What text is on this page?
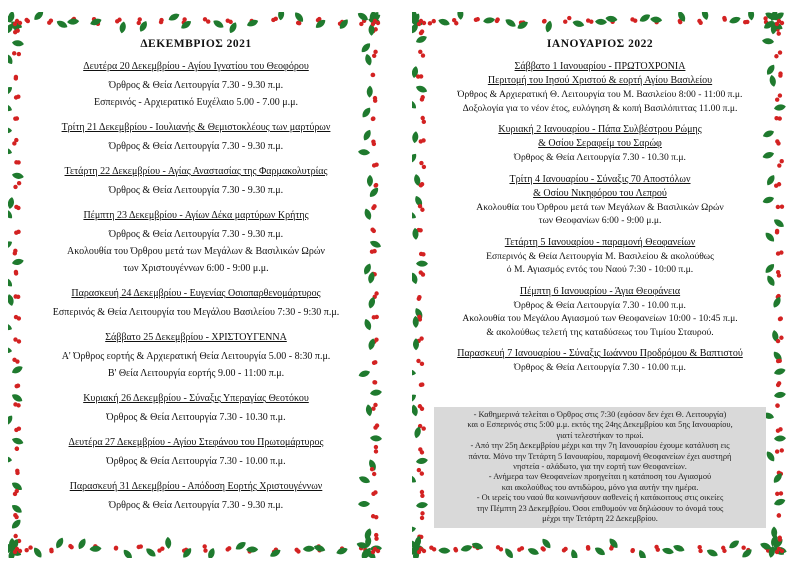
ΔΕΚΕΜΒΡΙΟΣ 2021
Δευτέρα 20 Δεκεμβρίου - Αγίου Ιγνατίου του Θεοφόρου
Όρθρος & Θεία Λειτουργία 7.30 - 9.30 π.μ.
Εσπερινός - Αρχιερατικό Ευχέλαιο 5.00 - 7.00 μ.μ.
Τρίτη 21 Δεκεμβρίου - Ιουλιανής & Θεμιστοκλέους των μαρτύρων
Όρθρος & Θεία Λειτουργία 7.30 - 9.30 π.μ.
Τετάρτη 22 Δεκεμβρίου - Αγίας Αναστασίας της Φαρμακολυτρίας
Όρθρος & Θεία Λειτουργία 7.30 - 9.30 π.μ.
Πέμπτη 23 Δεκεμβρίου - Αγίων Δέκα μαρτύρων Κρήτης
Όρθρος & Θεία Λειτουργία 7.30 - 9.30 π.μ.
Ακολουθία του Όρθρου μετά των Μεγάλων & Βασιλικών Ωρών
των Χριστουγέννων 6:00 - 9:00 μ.μ.
Παρασκευή 24 Δεκεμβρίου - Ευγενίας Οσιοπαρθενομάρτυρος
Εσπερινός & Θεία Λειτουργία του Μεγάλου Βασιλείου 7:30 - 9:30 π.μ.
Σάββατο 25 Δεκεμβρίου - ΧΡΙΣΤΟΥΓΕΝΝΑ
Α' Όρθρος εορτής & Αρχιερατική Θεία Λειτουργία 5.00 - 8:30 π.μ.
Β' Θεία Λειτουργία εορτής 9.00 - 11:00 π.μ.
Κυριακή 26 Δεκεμβρίου - Σύναξις Υπεραγίας Θεοτόκου
Όρθρος & Θεία Λειτουργία 7.30 - 10.30 π.μ.
Δευτέρα 27 Δεκεμβρίου - Αγίου Στεφάνου του Πρωτομάρτυρος
Όρθρος & Θεία Λειτουργία 7.30 - 10.00 π.μ.
Παρασκευή 31 Δεκεμβρίου - Απόδοση Εορτής Χριστουγέννων
Όρθρος & Θεία Λειτουργία 7.30 - 9.30 π.μ.
ΙΑΝΟΥΑΡΙΟΣ 2022
Σάββατο 1 Ιανουαρίου - ΠΡΩΤΟΧΡΟΝΙΑ
Περιτομή του Ιησού Χριστού & εορτή Αγίου Βασιλείου
Όρθρος & Αρχιερατική Θ. Λειτουργία του Μ. Βασιλείου 8:00 - 11:00 π.μ.
Δοξολογία για το νέον έτος, ευλόγηση & κοπή Βασιλόπιττας 11.00 π.μ.
Κυριακή 2 Ιανουαρίου - Πάπα Συλβέστρου Ρώμης
& Οσίου Σεραφείμ του Σαρώφ
Όρθρος & Θεία Λειτουργία 7.30 - 10.30 π.μ.
Τρίτη 4 Ιανουαρίου - Σύναξις 70 Αποστόλων
& Οσίου Νικηφόρου του Λεπρού
Ακολουθία του Όρθρου μετά των Μεγάλων & Βασιλικών Ωρών
των Θεοφανίων 6:00 - 9:00 μ.μ.
Τετάρτη 5 Ιανουαρίου - παραμονή Θεοφανείων
Εσπερινός & Θεία Λειτουργία Μ. Βασιλείου & ακολούθως
ό Μ. Αγιασμός εντός του Ναού 7:30 - 10:00 π.μ.
Πέμπτη 6 Ιανουαρίου - Άγια Θεοφάνεια
Όρθρος & Θεία Λειτουργία 7.30 - 10.00 π.μ.
Ακολουθία του Μεγάλου Αγιασμού των Θεοφανείων 10:00 - 10:45 π.μ.
& ακολούθως τελετή της καταδύσεως του Τιμίου Σταυρού.
Παρασκευή 7 Ιανουαρίου - Σύναξις Ιωάννου Προδρόμου & Βαπτιστού
Όρθρος & Θεία Λειτουργία 7.30 - 10.00 π.μ.
- Καθημερινά τελείται ο Όρθρος στις 7:30 (εφόσον δεν έχει Θ. Λειτουργία)
και ο Εσπερινός στις 5:00 μ.μ. εκτός της 24ης Δεκεμβρίου και 5ης Ιανουαρίου,
γιατί τελεστήκαν το πρωί.
- Από την 25η Δεκεμβρίου μέχρι και την 7η Ιανουαρίου έχουμε κατάλυση εις
πάντα. Μόνο την Τετάρτη 5 Ιανουαρίου, παραμονή Θεοφανείων έχει αυστηρή
νηστεία - αλάδωτο, για την εορτή των Θεοφανείων.
- Ανήμερα των Θεοφανείων προηγείται η κατάποση του Αγιασμού
και ακολούθως του αντιδώρου, μόνο για αυτήν την ημέρα.
- Οι ιερείς του ναού θα κοινωνήσουν ασθενείς ή κατάκοιτους στις οικείες
την Πέμπτη 23 Δεκεμβρίου. Όσοι επιθυμούν να δηλώσουν το όνομά τους
μέχρι την Τετάρτη 22 Δεκεμβρίου.
